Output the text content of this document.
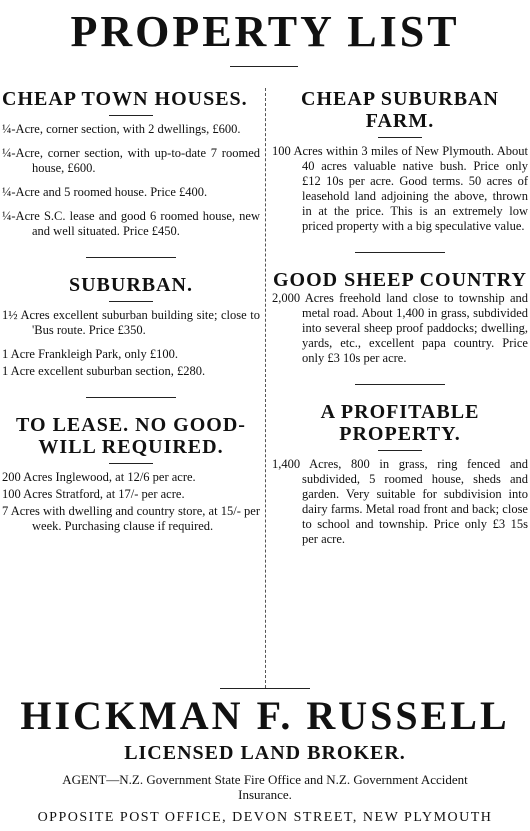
PROPERTY LIST
CHEAP TOWN HOUSES.
¼-Acre, corner section, with 2 dwellings, £600.
¼-Acre, corner section, with up-to-date 7 roomed house, £600.
¼-Acre and 5 roomed house. Price £400.
¼-Acre S.C. lease and good 6 roomed house, new and well situated. Price £450.
SUBURBAN.
1½ Acres excellent suburban building site; close to 'Bus route. Price £350.
1 Acre Frankleigh Park, only £100.
1 Acre excellent suburban section, £280.
TO LEASE. NO GOOD-WILL REQUIRED.
200 Acres Inglewood, at 12/6 per acre.
100 Acres Stratford, at 17/- per acre.
7 Acres with dwelling and country store, at 15/- per week. Purchasing clause if required.
CHEAP SUBURBAN FARM.
100 Acres within 3 miles of New Plymouth. About 40 acres valuable native bush. Price only £12 10s per acre. Good terms. 50 acres of leasehold land adjoining the above, thrown in at the price. This is an extremely low priced property with a big speculative value.
GOOD SHEEP COUNTRY
2,000 Acres freehold land close to township and metal road. About 1,400 in grass, subdivided into several sheep proof paddocks; dwelling, yards, etc., excellent papa country. Price only £3 10s per acre.
A PROFITABLE PROPERTY.
1,400 Acres, 800 in grass, ring fenced and subdivided, 5 roomed house, sheds and garden. Very suitable for subdivision into dairy farms. Metal road front and back; close to school and township. Price only £3 15s per acre.
HICKMAN F. RUSSELL
LICENSED LAND BROKER.
AGENT—N.Z. Government State Fire Office and N.Z. Government Accident Insurance.
OPPOSITE POST OFFICE, DEVON STREET, NEW PLYMOUTH
